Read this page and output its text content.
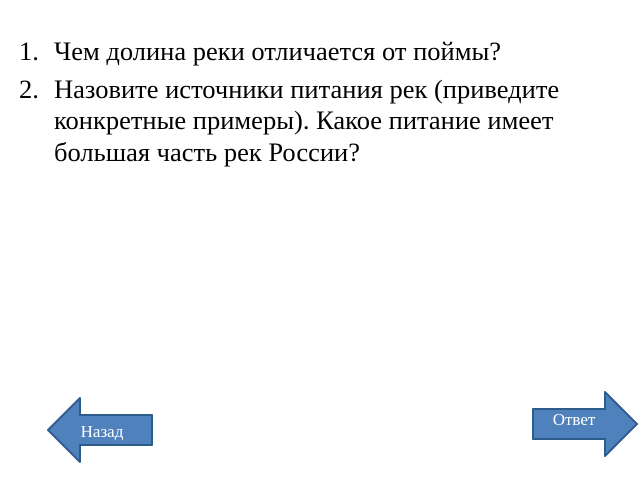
1. Чем долина реки отличается от поймы?
2. Назовите источники питания рек (приведите конкретные примеры). Какое питание имеет большая часть рек России?
Назад
Ответ
